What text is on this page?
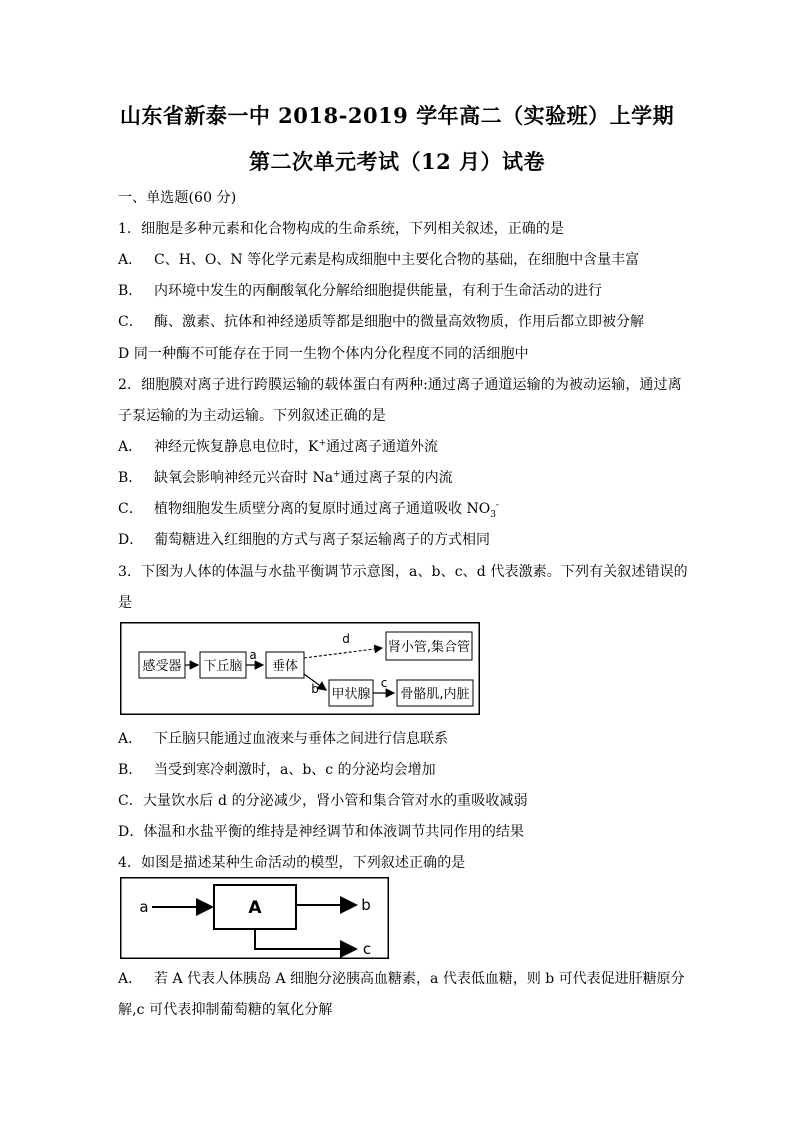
山东省新泰一中 2018-2019 学年高二（实验班）上学期
第二次单元考试（12 月）试卷
一、单选题(60 分)
1．细胞是多种元素和化合物构成的生命系统，下列相关叙述，正确的是
A． C、H、O、N 等化学元素是构成细胞中主要化合物的基础，在细胞中含量丰富
B． 内环境中发生的丙酮酸氧化分解给细胞提供能量，有利于生命活动的进行
C． 酶、激素、抗体和神经递质等都是细胞中的微量高效物质，作用后都立即被分解
D 同一种酶不可能存在于同一生物个体内分化程度不同的活细胞中
2．细胞膜对离子进行跨膜运输的载体蛋白有两种:通过离子通道运输的为被动运输，通过离
子泵运输的为主动运输。下列叙述正确的是
A． 神经元恢复静息电位时，K+通过离子通道外流
B． 缺氧会影响神经元兴奋时 Na+通过离子泵的内流
C． 植物细胞发生质壁分离的复原时通过离子通道吸收 $NO_3^-$
D． 葡萄糖进入红细胞的方式与离子泵运输离子的方式相同
3．下图为人体的体温与水盐平衡调节示意图，a、b、c、d 代表激素。下列有关叙述错误的
是
感受器 下丘脑
a
垂体
d
肾小管,集合管
b 甲状腺
c
骨骼肌,内脏
A． 下丘脑只能通过血液来与垂体之间进行信息联系
B． 当受到寒冷刺激时，a、b、c 的分泌均会增加
C．大量饮水后 d 的分泌减少，肾小管和集合管对水的重吸收减弱
D．体温和水盐平衡的维持是神经调节和体液调节共同作用的结果
4．如图是描述某种生命活动的模型，下列叙述正确的是
a	A	b
c
A． 若 A 代表人体胰岛 A 细胞分泌胰高血糖素，a 代表低血糖，则 b 可代表促进肝糖原分
解,c 可代表抑制葡萄糖的氧化分解
